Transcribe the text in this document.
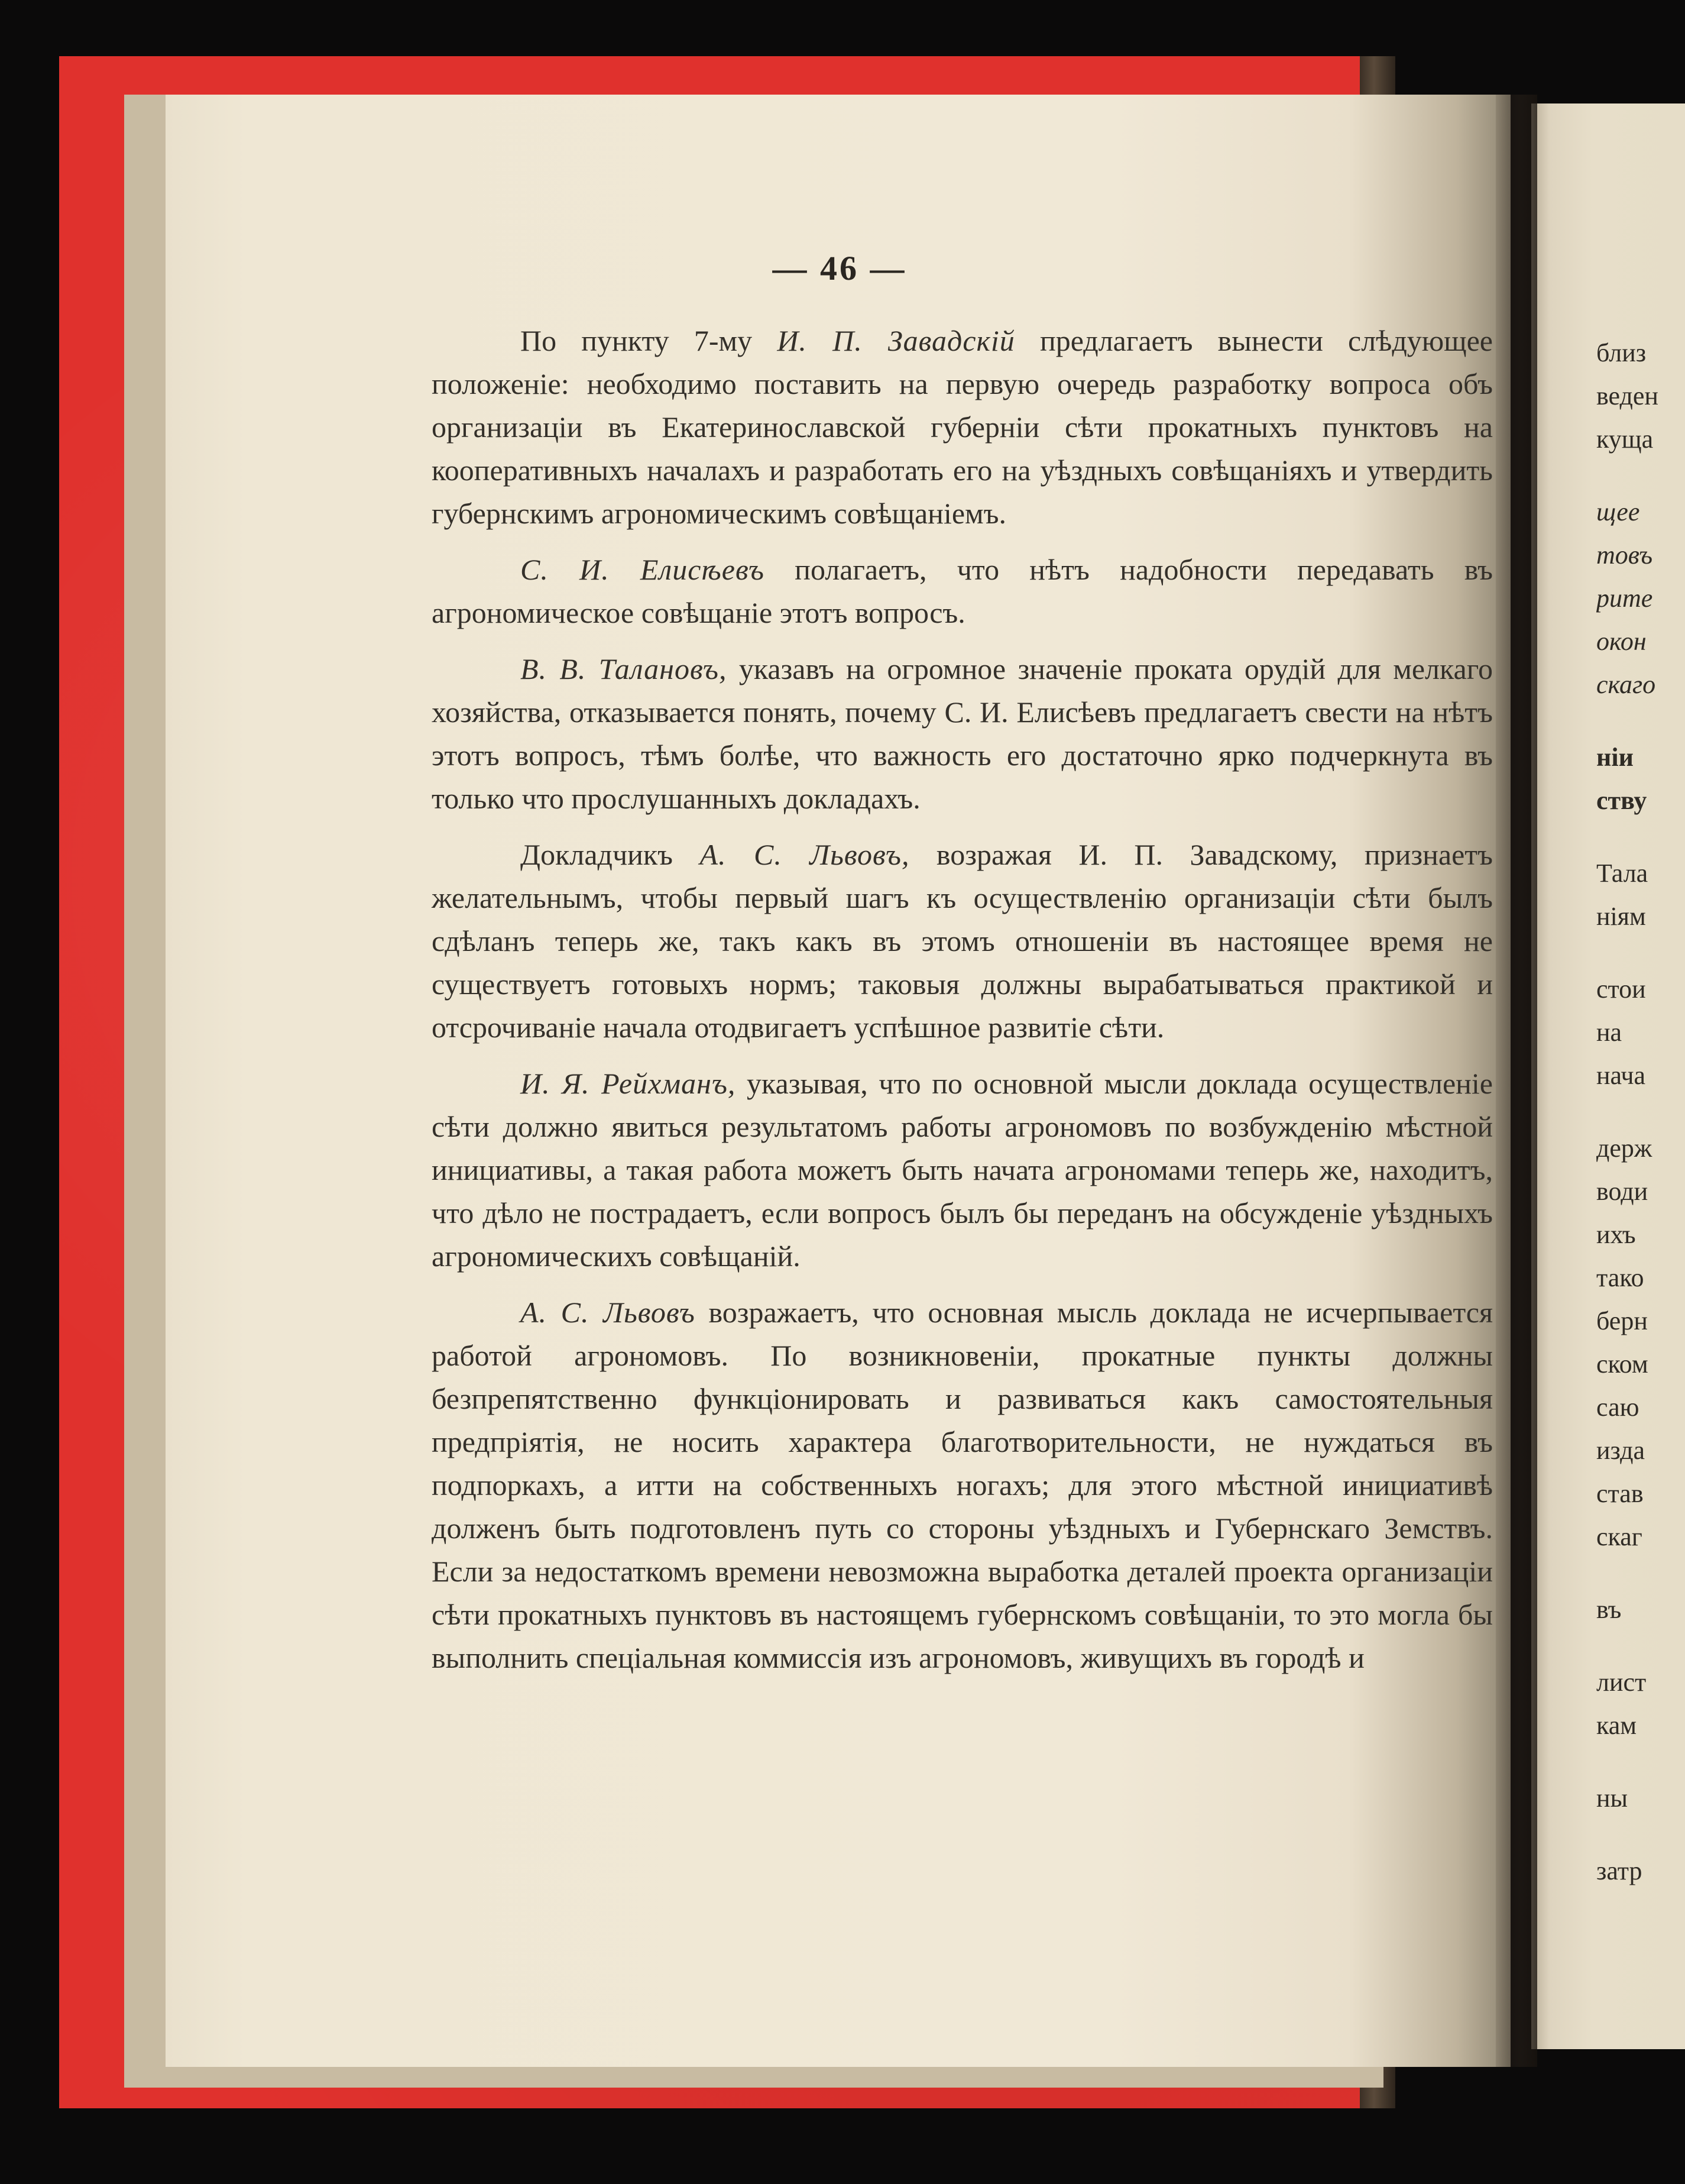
— 46 —

По пункту 7-му И. П. Завадскій предлагаетъ вынести слѣдующее положеніе: необходимо поставить на первую очередь разработку вопроса объ организаціи въ Екатеринославской губерніи сѣти прокатныхъ пунктовъ на кооперативныхъ началахъ и разработать его на уѣздныхъ совѣщаніяхъ и утвердить губернскимъ агрономическимъ совѣщаніемъ.

С. И. Елисѣевъ полагаетъ, что нѣтъ надобности передавать въ агрономическое совѣщаніе этотъ вопросъ.

В. В. Талановъ, указавъ на огромное значеніе проката орудій для мелкаго хозяйства, отказывается понять, почему С. И. Елисѣевъ предлагаетъ свести на нѣтъ этотъ вопросъ, тѣмъ болѣе, что важность его достаточно ярко подчеркнута въ только что прослушанныхъ докладахъ.

Докладчикъ А. С. Львовъ, возражая И. П. Завадскому, признаетъ желательнымъ, чтобы первый шагъ къ осуществленію организаціи сѣти былъ сдѣланъ теперь же, такъ какъ въ этомъ отношеніи въ настоящее время не существуетъ готовыхъ нормъ; таковыя должны вырабатываться практикой и отсрочиваніе начала отодвигаетъ успѣшное развитіе сѣти.

И. Я. Рейхманъ, указывая, что по основной мысли доклада осуществленіе сѣти должно явиться результатомъ работы агрономовъ по возбужденію мѣстной инициативы, а такая работа можетъ быть начата агрономами теперь же, находитъ, что дѣло не пострадаетъ, если вопросъ былъ бы переданъ на обсужденіе уѣздныхъ агрономическихъ совѣщаній.

А. С. Львовъ возражаетъ, что основная мысль доклада не исчерпывается работой агрономовъ. По возникновеніи, прокатные пункты должны безпрепятственно функціонировать и развиваться какъ самостоятельныя предпріятія, не носить характера благотворительности, не нуждаться въ подпоркахъ, а итти на собственныхъ ногахъ; для этого мѣстной инициативѣ долженъ быть подготовленъ путь со стороны уѣздныхъ и Губернскаго Земствъ. Если за недостаткомъ времени невозможна выработка деталей проекта организаціи сѣти прокатныхъ пунктовъ въ настоящемъ губернскомъ совѣщаніи, то это могла бы выполнить спеціальная коммиссія изъ агрономовъ, живущихъ въ городѣ и

близ
веден
куща
щее
товъ
рите
окон
скаго
ніи
ству
Тала
ніям
стои
на
нача
держ
води
ихъ
тако
берн
ском
саю
изда
став
скаг
въ
лист
кам
ны
затр
